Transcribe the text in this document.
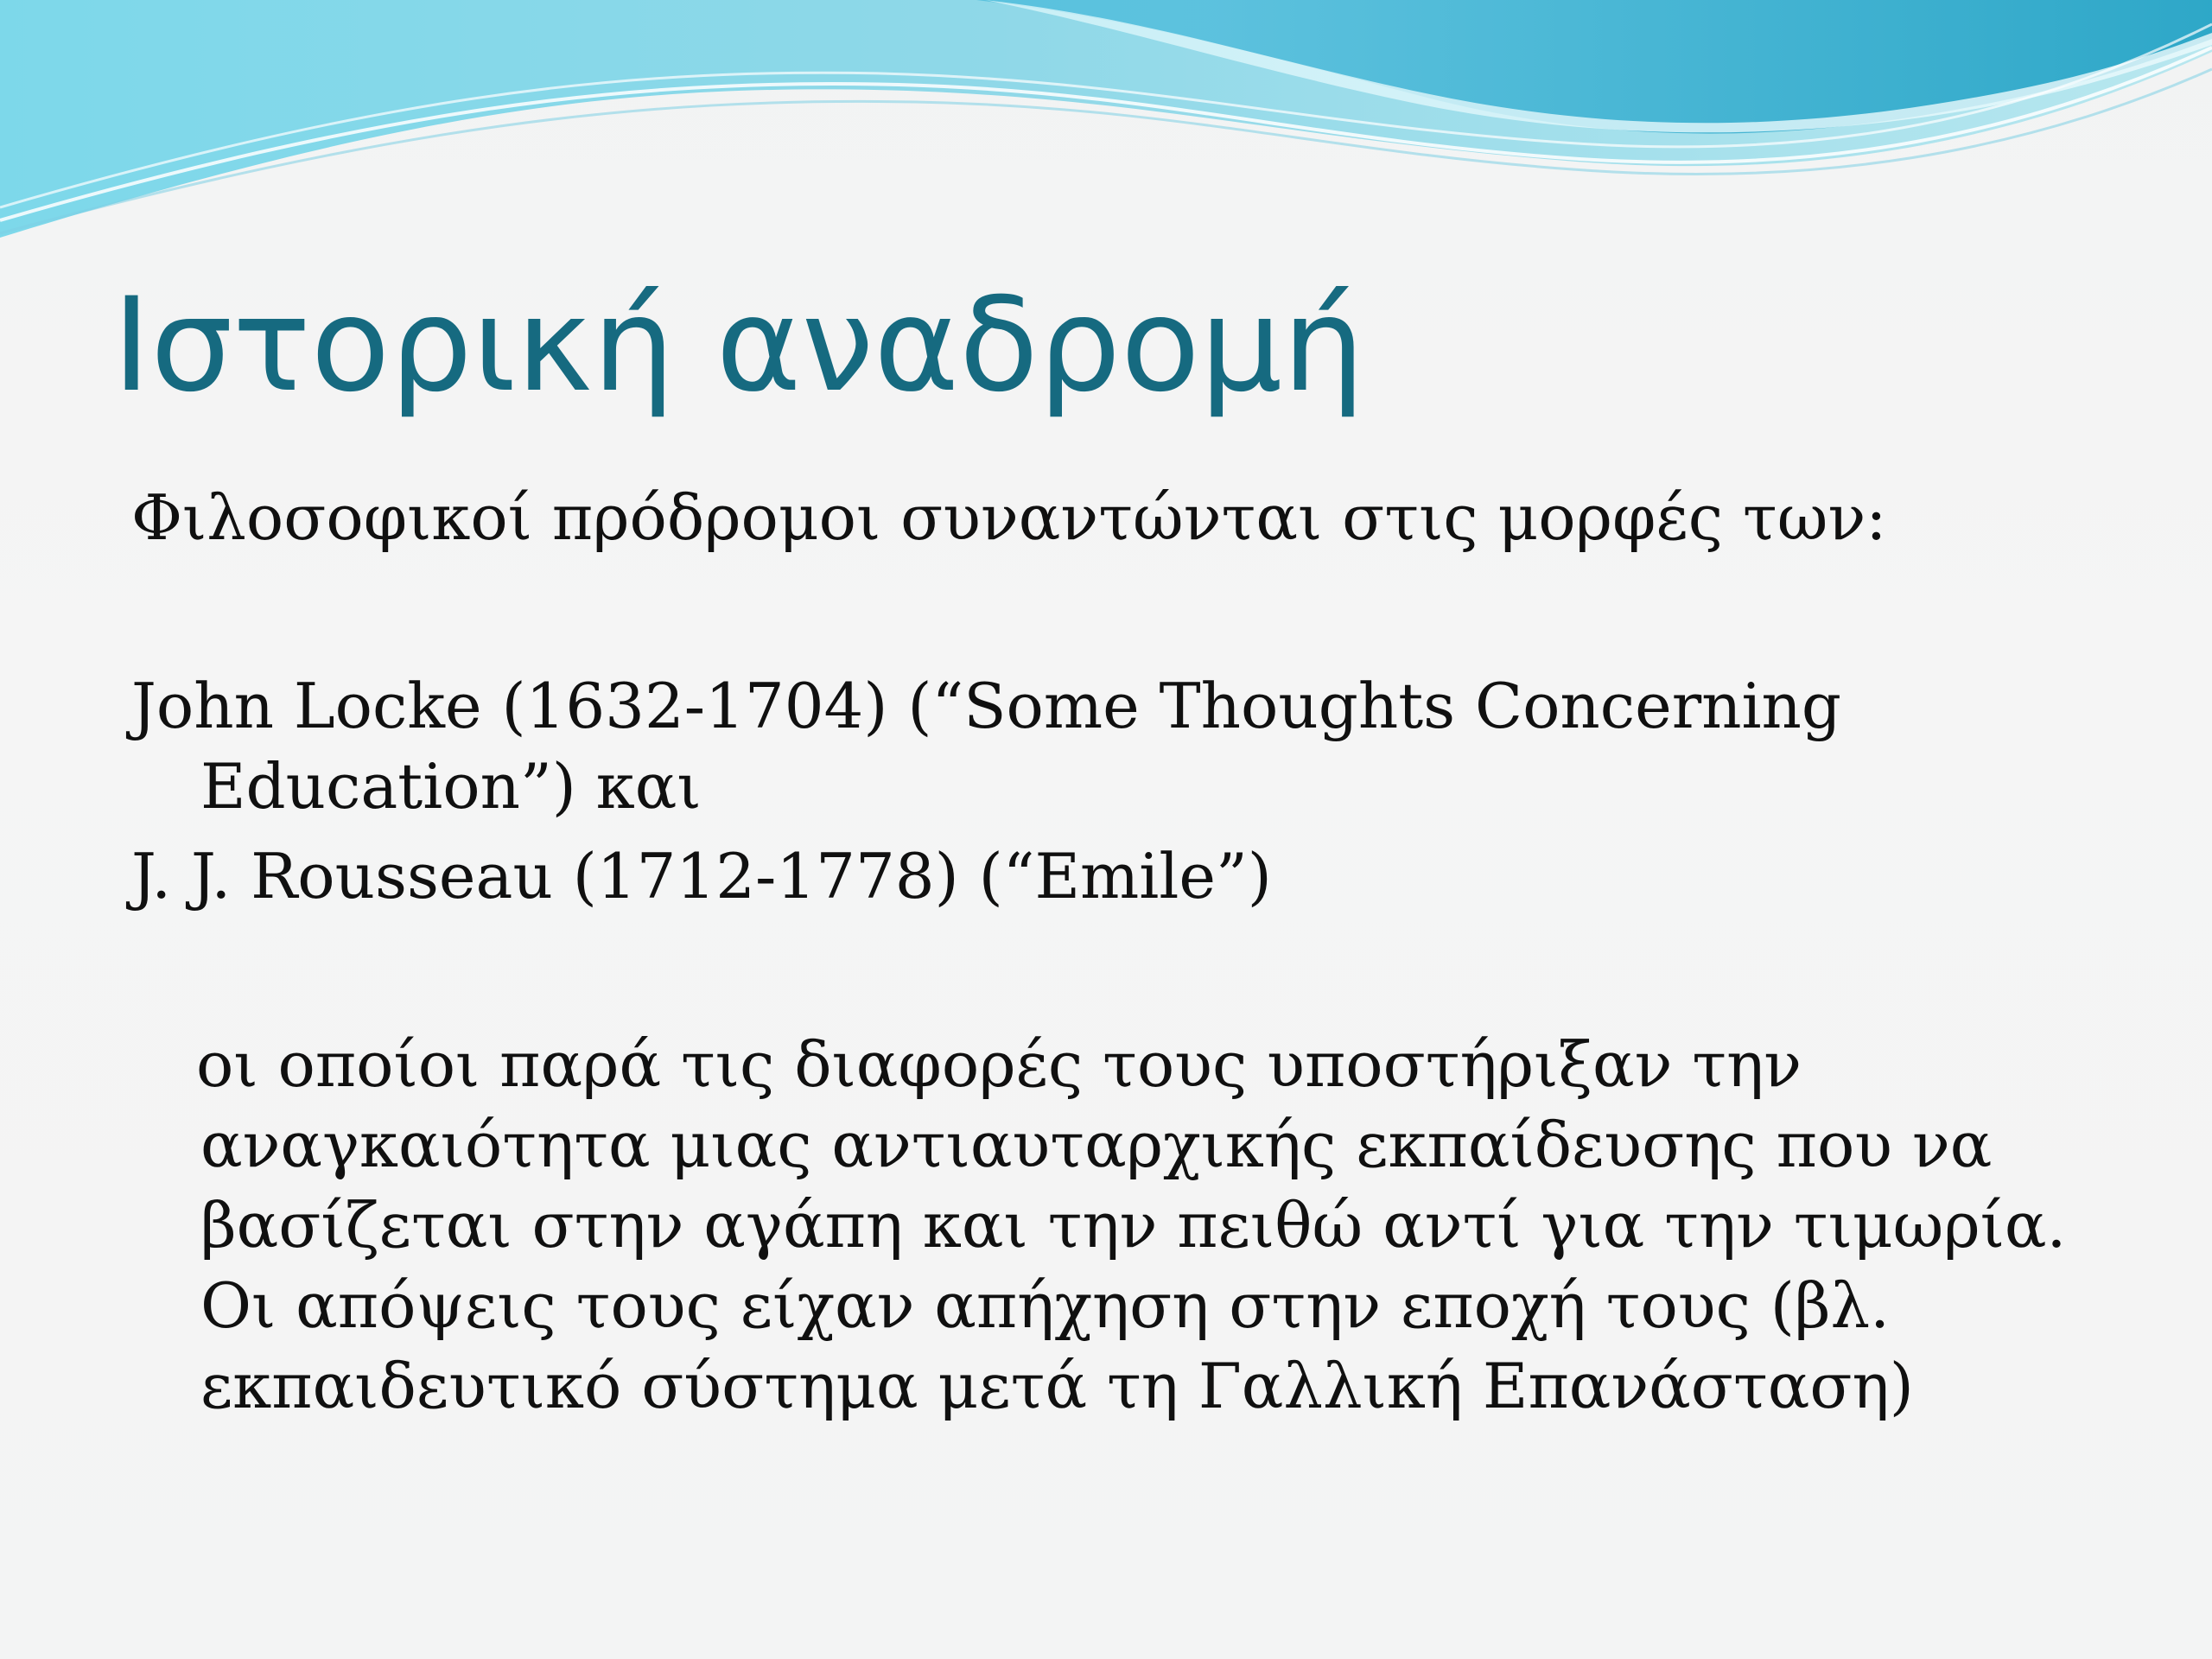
Ιστορική αναδρομή

Φιλοσοφικοί πρόδρομοι συναντώνται στις μορφές των:

John Locke (1632-1704) (“Some Thoughts Concerning Education”) και

J. J. Rousseau (1712-1778) (“Emile”)

οι οποίοι παρά τις διαφορές τους υποστήριξαν την αναγκαιότητα μιας αντιαυταρχικής εκπαίδευσης που να βασίζεται στην αγάπη και την πειθώ αντί για την τιμωρία. Οι απόψεις τους είχαν απήχηση στην εποχή τους (βλ. εκπαιδευτικό σύστημα μετά τη Γαλλική Επανάσταση)
